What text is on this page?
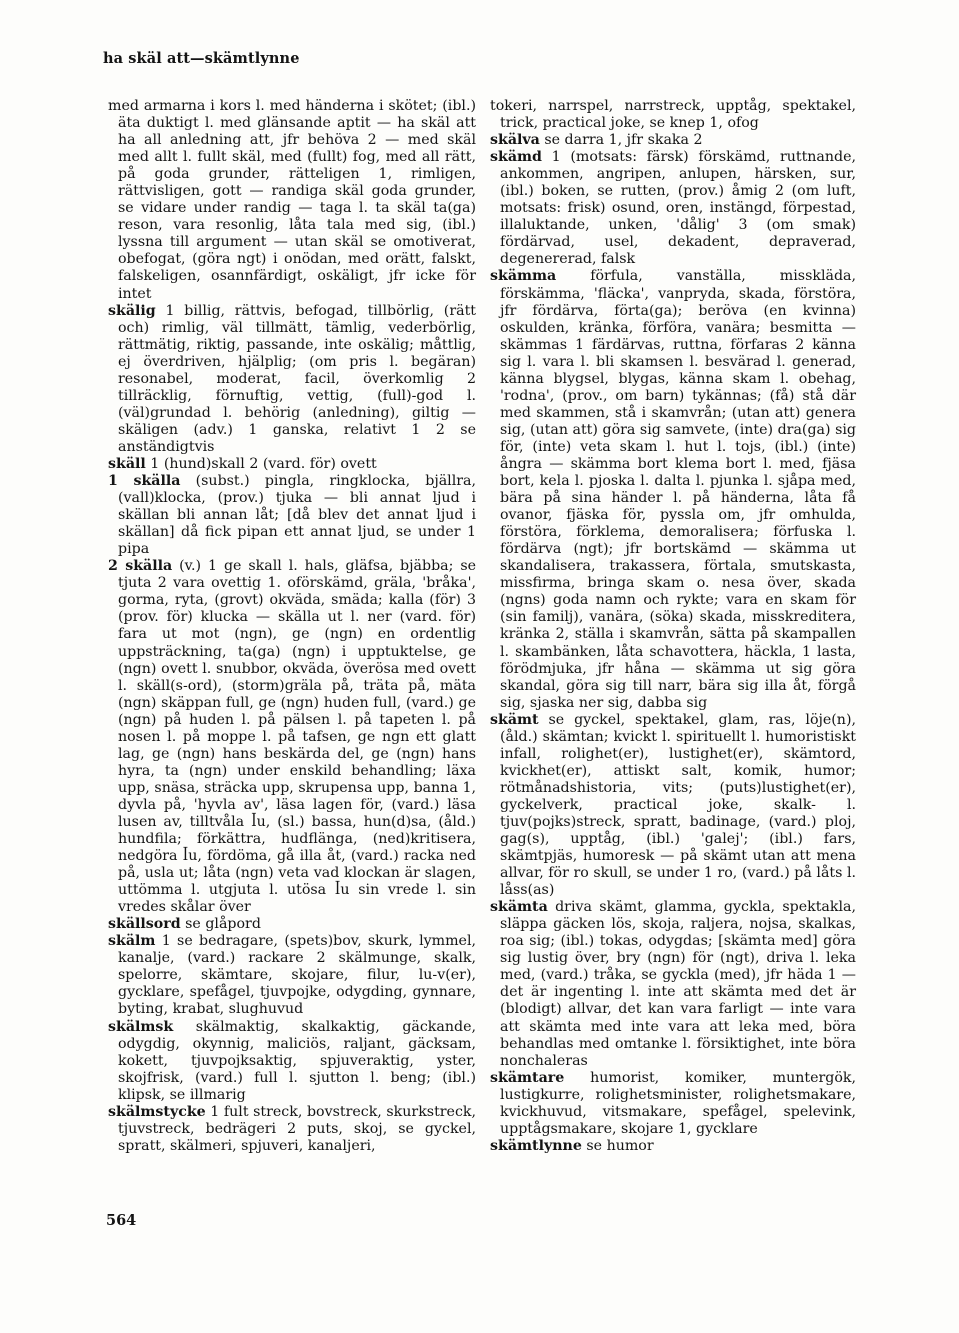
ha skäl att—skämtlynne

med armarna i kors l. med händerna i skötet; (ibl.) äta duktigt l. med glänsande aptit — ha skäl att ha all anledning att, jfr behöva 2 — med skäl med allt l. fullt skäl, med (fullt) fog, med all rätt, på goda grunder, rätteligen 1, rimligen, rättvisligen, gott — randiga skäl goda grunder, se vidare under randig — taga l. ta skäl ta(ga) reson, vara resonlig, låta tala med sig, (ibl.) lyssna till argument — utan skäl se omotiverat, obefogat, (göra ngt) i onödan, med orätt, falskt, falskeligen, osannfärdigt, oskäligt, jfr icke för intet

skälig 1 billig, rättvis, befogad, tillbörlig, (rätt och) rimlig, väl tillmätt, tämlig, vederbörlig, rättmätig, riktig, passande, inte oskälig; måttlig, ej överdriven, hjälplig; (om pris l. begäran) resonabel, moderat, facil, överkomlig 2 tillräcklig, förnuftig, vettig, (full)-god l. (väl)grundad l. behörig (anledning), giltig — skäligen (adv.) 1 ganska, relativt 1 2 se anständigtvis

skäll 1 (hund)skall 2 (vard. för) ovett

1 skälla (subst.) pingla, ringklocka, bjällra, (vall)klocka, (prov.) tjuka — bli annat ljud i skällan bli annan låt; [då blev det annat ljud i skällan] då fick pipan ett annat ljud, se under 1 pipa

2 skälla (v.) 1 ge skall l. hals, gläfsa, bjäbba; se tjuta 2 vara ovettig 1. oförskämd, gräla, 'bråka', gorma, ryta, (grovt) okväda, smäda; kalla (för) 3 (prov. för) klucka — skälla ut l. ner (vard. för) fara ut mot (ngn), ge (ngn) en ordentlig uppsträckning, ta(ga) (ngn) i upptuktelse, ge (ngn) ovett l. snubbor, okväda, överösa med ovett l. skäll(s-ord), (storm)gräla på, träta på, mäta (ngn) skäppan full, ge (ngn) huden full, (vard.) ge (ngn) på huden l. på pälsen l. på tapeten l. på nosen l. på moppe l. på tafsen, ge ngn ett glatt lag, ge (ngn) hans beskärda del, ge (ngn) hans hyra, ta (ngn) under enskild behandling; läxa upp, snäsa, sträcka upp, skrupensa upp, banna 1, dyvla på, 'hyvla av', läsa lagen för, (vard.) läsa lusen av, tilltvåla ꟾu, (sl.) bassa, hun(d)sa, (åld.) hundfila; förkättra, hudflänga, (ned)kritisera, nedgöra ꟾu, fördöma, gå illa åt, (vard.) racka ned på, usla ut; låta (ngn) veta vad klockan är slagen, uttömma l. utgjuta l. utösa ꟾu sin vrede l. sin vredes skålar över

skällsord se glåpord

skälm 1 se bedragare, (spets)bov, skurk, lymmel, kanalje, (vard.) rackare 2 skälmunge, skalk, spelorre, skämtare, skojare, filur, lu-v(er), gycklare, spefågel, tjuvpojke, odygding, gynnare, byting, krabat, slughuvud

skälmsk skälmaktig, skalkaktig, gäckande, odygdig, okynnig, maliciös, raljant, gäcksam, kokett, tjuvpojksaktig, spjuveraktig, yster, skojfrisk, (vard.) full l. sjutton l. beng; (ibl.) klipsk, se illmarig

skälmstycke 1 fult streck, bovstreck, skurkstreck, tjuvstreck, bedrägeri 2 puts, skoj, se gyckel, spratt, skälmeri, spjuveri, kanaljeri,

tokeri, narrspel, narrstreck, upptåg, spektakel, trick, practical joke, se knep 1, ofog

skälva se darra 1, jfr skaka 2

skämd 1 (motsats: färsk) förskämd, ruttnande, ankommen, angripen, anlupen, härsken, sur, (ibl.) boken, se rutten, (prov.) åmig 2 (om luft, motsats: frisk) osund, oren, instängd, förpestad, illaluktande, unken, 'dålig' 3 (om smak) fördärvad, usel, dekadent, depraverad, degenererad, falsk

skämma förfula, vanställa, misskläda, förskämma, 'fläcka', vanpryda, skada, förstöra, jfr fördärva, förta(ga); beröva (en kvinna) oskulden, kränka, förföra, vanära; besmitta — skämmas 1 färdärvas, ruttna, förfaras 2 känna sig l. vara l. bli skamsen l. besvärad l. generad, känna blygsel, blygas, känna skam l. obehag, 'rodna', (prov., om barn) tykännas; (få) stå där med skammen, stå i skamvrån; (utan att) genera sig, (utan att) göra sig samvete, (inte) dra(ga) sig för, (inte) veta skam l. hut l. tojs, (ibl.) (inte) ångra — skämma bort klema bort l. med, fjäsa bort, kela l. pjoska l. dalta l. pjunka l. sjåpa med, bära på sina händer l. på händerna, låta få ovanor, fjäska för, pyssla om, jfr omhulda, förstöra, förklema, demoralisera; förfuska l. fördärva (ngt); jfr bortskämd — skämma ut skandalisera, trakassera, förtala, smutskasta, missfirma, bringa skam o. nesa över, skada (ngns) goda namn och rykte; vara en skam för (sin familj), vanära, (söka) skada, misskreditera, kränka 2, ställa i skamvrån, sätta på skampallen l. skambänken, låta schavottera, häckla, 1 lasta, förödmjuka, jfr håna — skämma ut sig göra skandal, göra sig till narr, bära sig illa åt, förgå sig, sjaska ner sig, dabba sig

skämt se gyckel, spektakel, glam, ras, löje(n), (åld.) skämtan; kvickt l. spirituellt l. humoristiskt infall, rolighet(er), lustighet(er), skämtord, kvickhet(er), attiskt salt, komik, humor; rötmånadshistoria, vits; (puts)lustighet(er), gyckelverk, practical joke, skalk- l. tjuv(pojks)streck, spratt, badinage, (vard.) ploj, gag(s), upptåg, (ibl.) 'galej'; (ibl.) fars, skämtpjäs, humoresk — på skämt utan att mena allvar, för ro skull, se under 1 ro, (vard.) på låts l. låss(as)

skämta driva skämt, glamma, gyckla, spektakla, släppa gäcken lös, skoja, raljera, nojsa, skalkas, roa sig; (ibl.) tokas, odygdas; [skämta med] göra sig lustig över, bry (ngn) för (ngt), driva l. leka med, (vard.) tråka, se gyckla (med), jfr häda 1 — det är ingenting l. inte att skämta med det är (blodigt) allvar, det kan vara farligt — inte vara att skämta med inte vara att leka med, böra behandlas med omtanke l. försiktighet, inte böra nonchaleras

skämtare humorist, komiker, muntergök, lustigkurre, rolighetsminister, rolighetsmakare, kvickhuvud, vitsmakare, spefågel, spelevink, upptågsmakare, skojare 1, gycklare

skämtlynne se humor

564
